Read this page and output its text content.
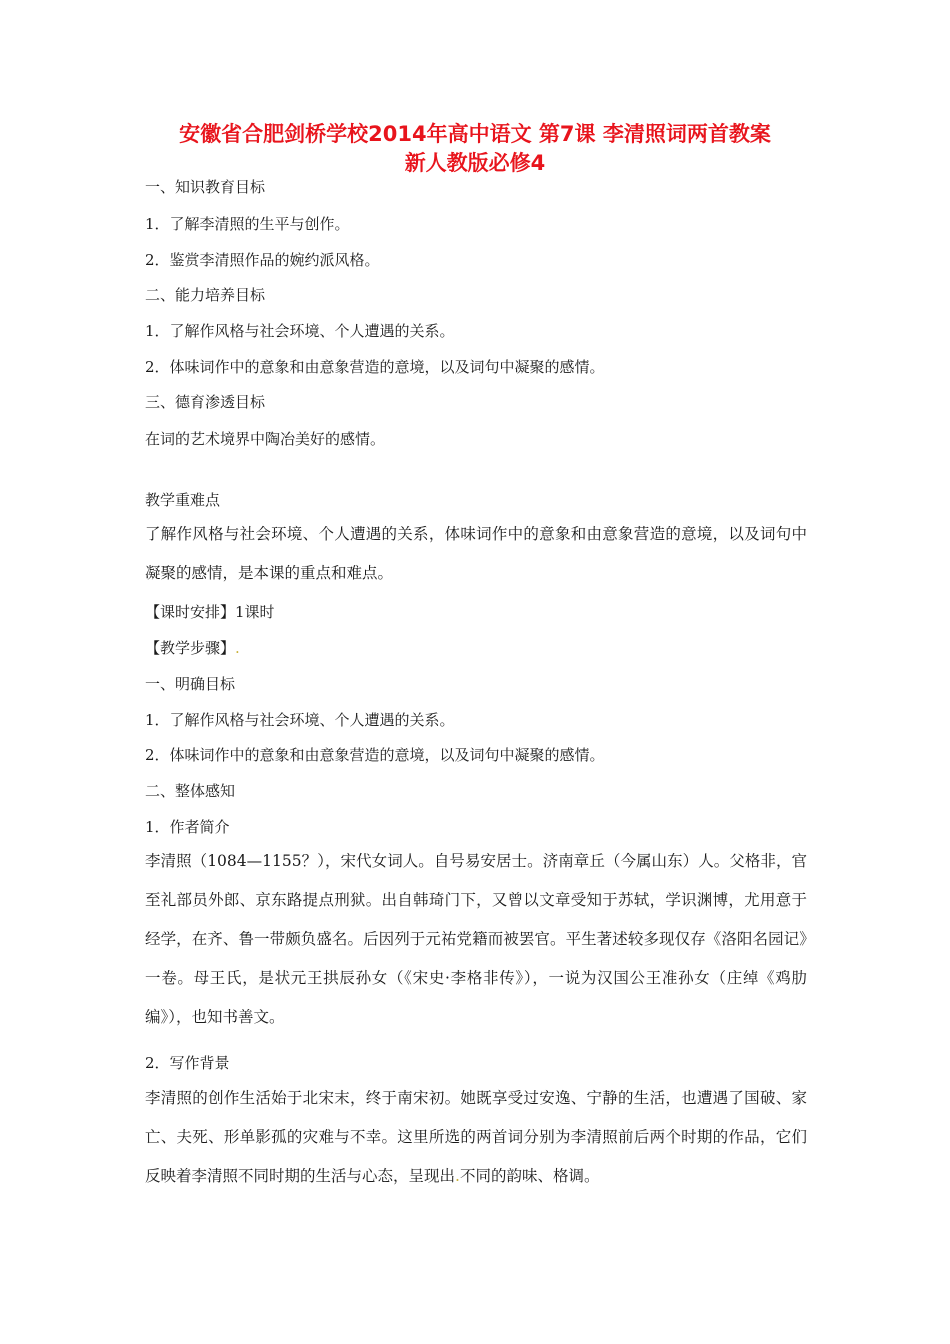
安徽省合肥剑桥学校2014年高中语文 第7课 李清照词两首教案
新人教版必修4
一、知识教育目标
1．了解李清照的生平与创作。
2．鉴赏李清照作品的婉约派风格。
二、能力培养目标
1．了解作风格与社会环境、个人遭遇的关系。
2．体味词作中的意象和由意象营造的意境，以及词句中凝聚的感情。
三、德育渗透目标
在词的艺术境界中陶冶美好的感情。
教学重难点
了解作风格与社会环境、个人遭遇的关系，体味词作中的意象和由意象营造的意境，以及词句中凝聚的感情，是本课的重点和难点。
【课时安排】1课时
【教学步骤】.
一、明确目标
1．了解作风格与社会环境、个人遭遇的关系。
2．体味词作中的意象和由意象营造的意境，以及词句中凝聚的感情。
二、整体感知
1．作者简介
李清照（1084—1155？），宋代女词人。自号易安居士。济南章丘（今属山东）人。父格非，官至礼部员外郎、京东路提点刑狱。出自韩琦门下，又曾以文章受知于苏轼，学识渊博，尤用意于经学，在齐、鲁一带颇负盛名。后因列于元祐党籍而被罢官。平生著述较多现仅存《洛阳名园记》一卷。母王氏，是状元王拱辰孙女（《宋史·李格非传》），一说为汉国公王准孙女（庄绰《鸡肋编》），也知书善文。
2．写作背景
李清照的创作生活始于北宋末，终于南宋初。她既享受过安逸、宁静的生活，也遭遇了国破、家亡、夫死、形单影孤的灾难与不幸。这里所选的两首词分别为李清照前后两个时期的作品，它们反映着李清照不同时期的生活与心态，呈现出.不同的韵味、格调。
